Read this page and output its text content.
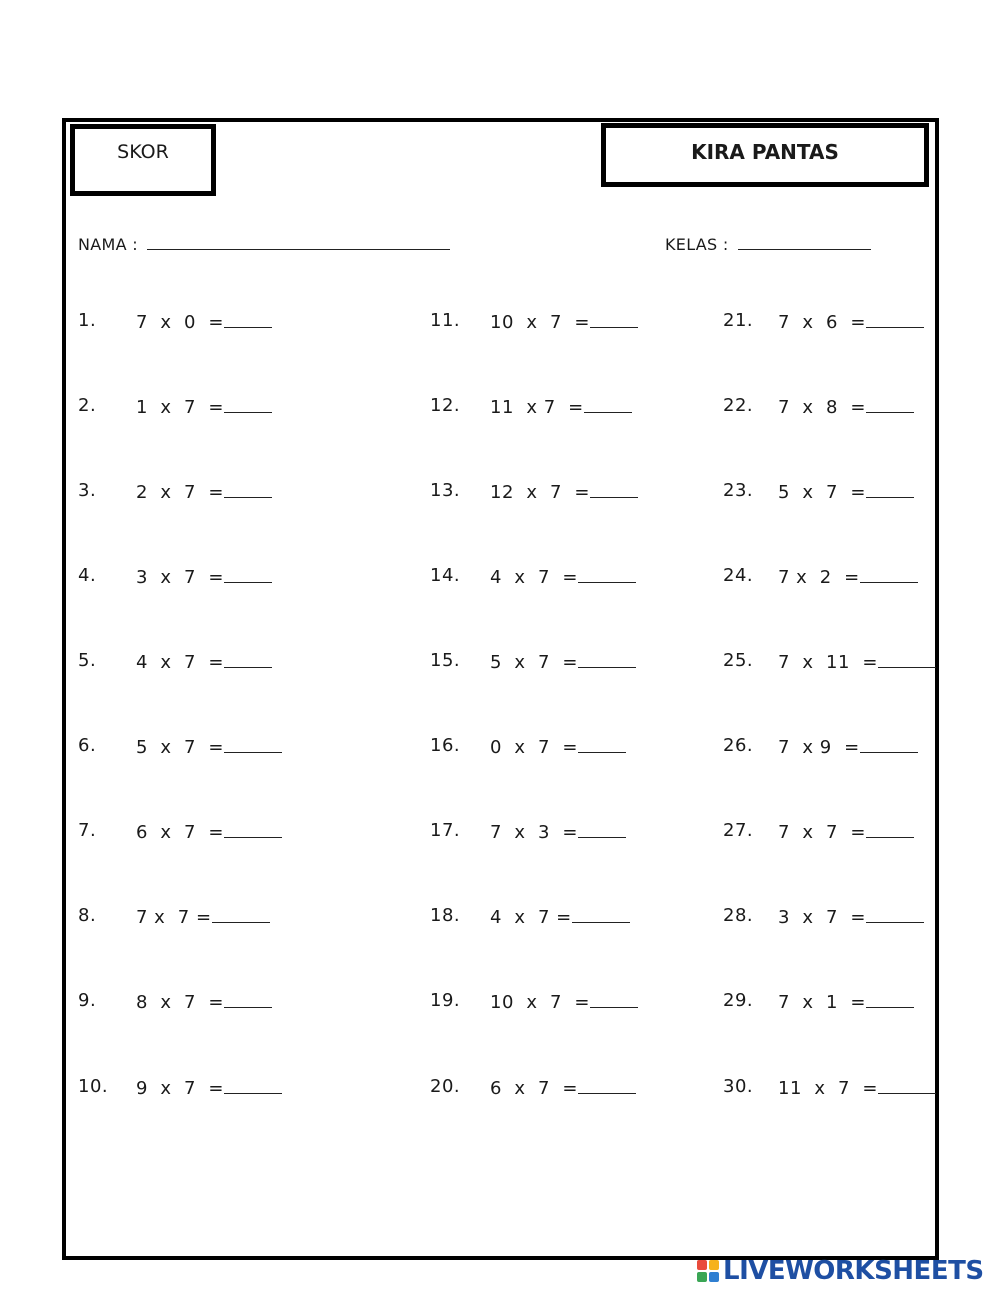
SKOR	KIRA PANTAS
NAMA :	KELAS :
1. 7  x  0  =
2. 1  x  7  =
3. 2  x  7  =
4. 3  x  7  =
5. 4  x  7  =
6. 5  x  7  =
7. 6  x  7  =
8. 7 x  7 =
9. 8  x  7  =
10. 9  x  7  =
11. 10  x  7  =
12. 11  x 7  =
13. 12  x  7  =
14. 4  x  7  =
15. 5  x  7  =
16. 0  x  7  =
17. 7  x  3  =
18. 4  x  7 =
19. 10  x  7  =
20. 6  x  7  =
21. 7  x  6  =
22. 7  x  8  =
23. 5  x  7  =
24. 7 x  2  =
25. 7  x  11  =
26. 7  x 9  =
27. 7  x  7  =
28. 3  x  7  =
29. 7  x  1  =
30. 11  x  7  =
LIVEWORKSHEETS
